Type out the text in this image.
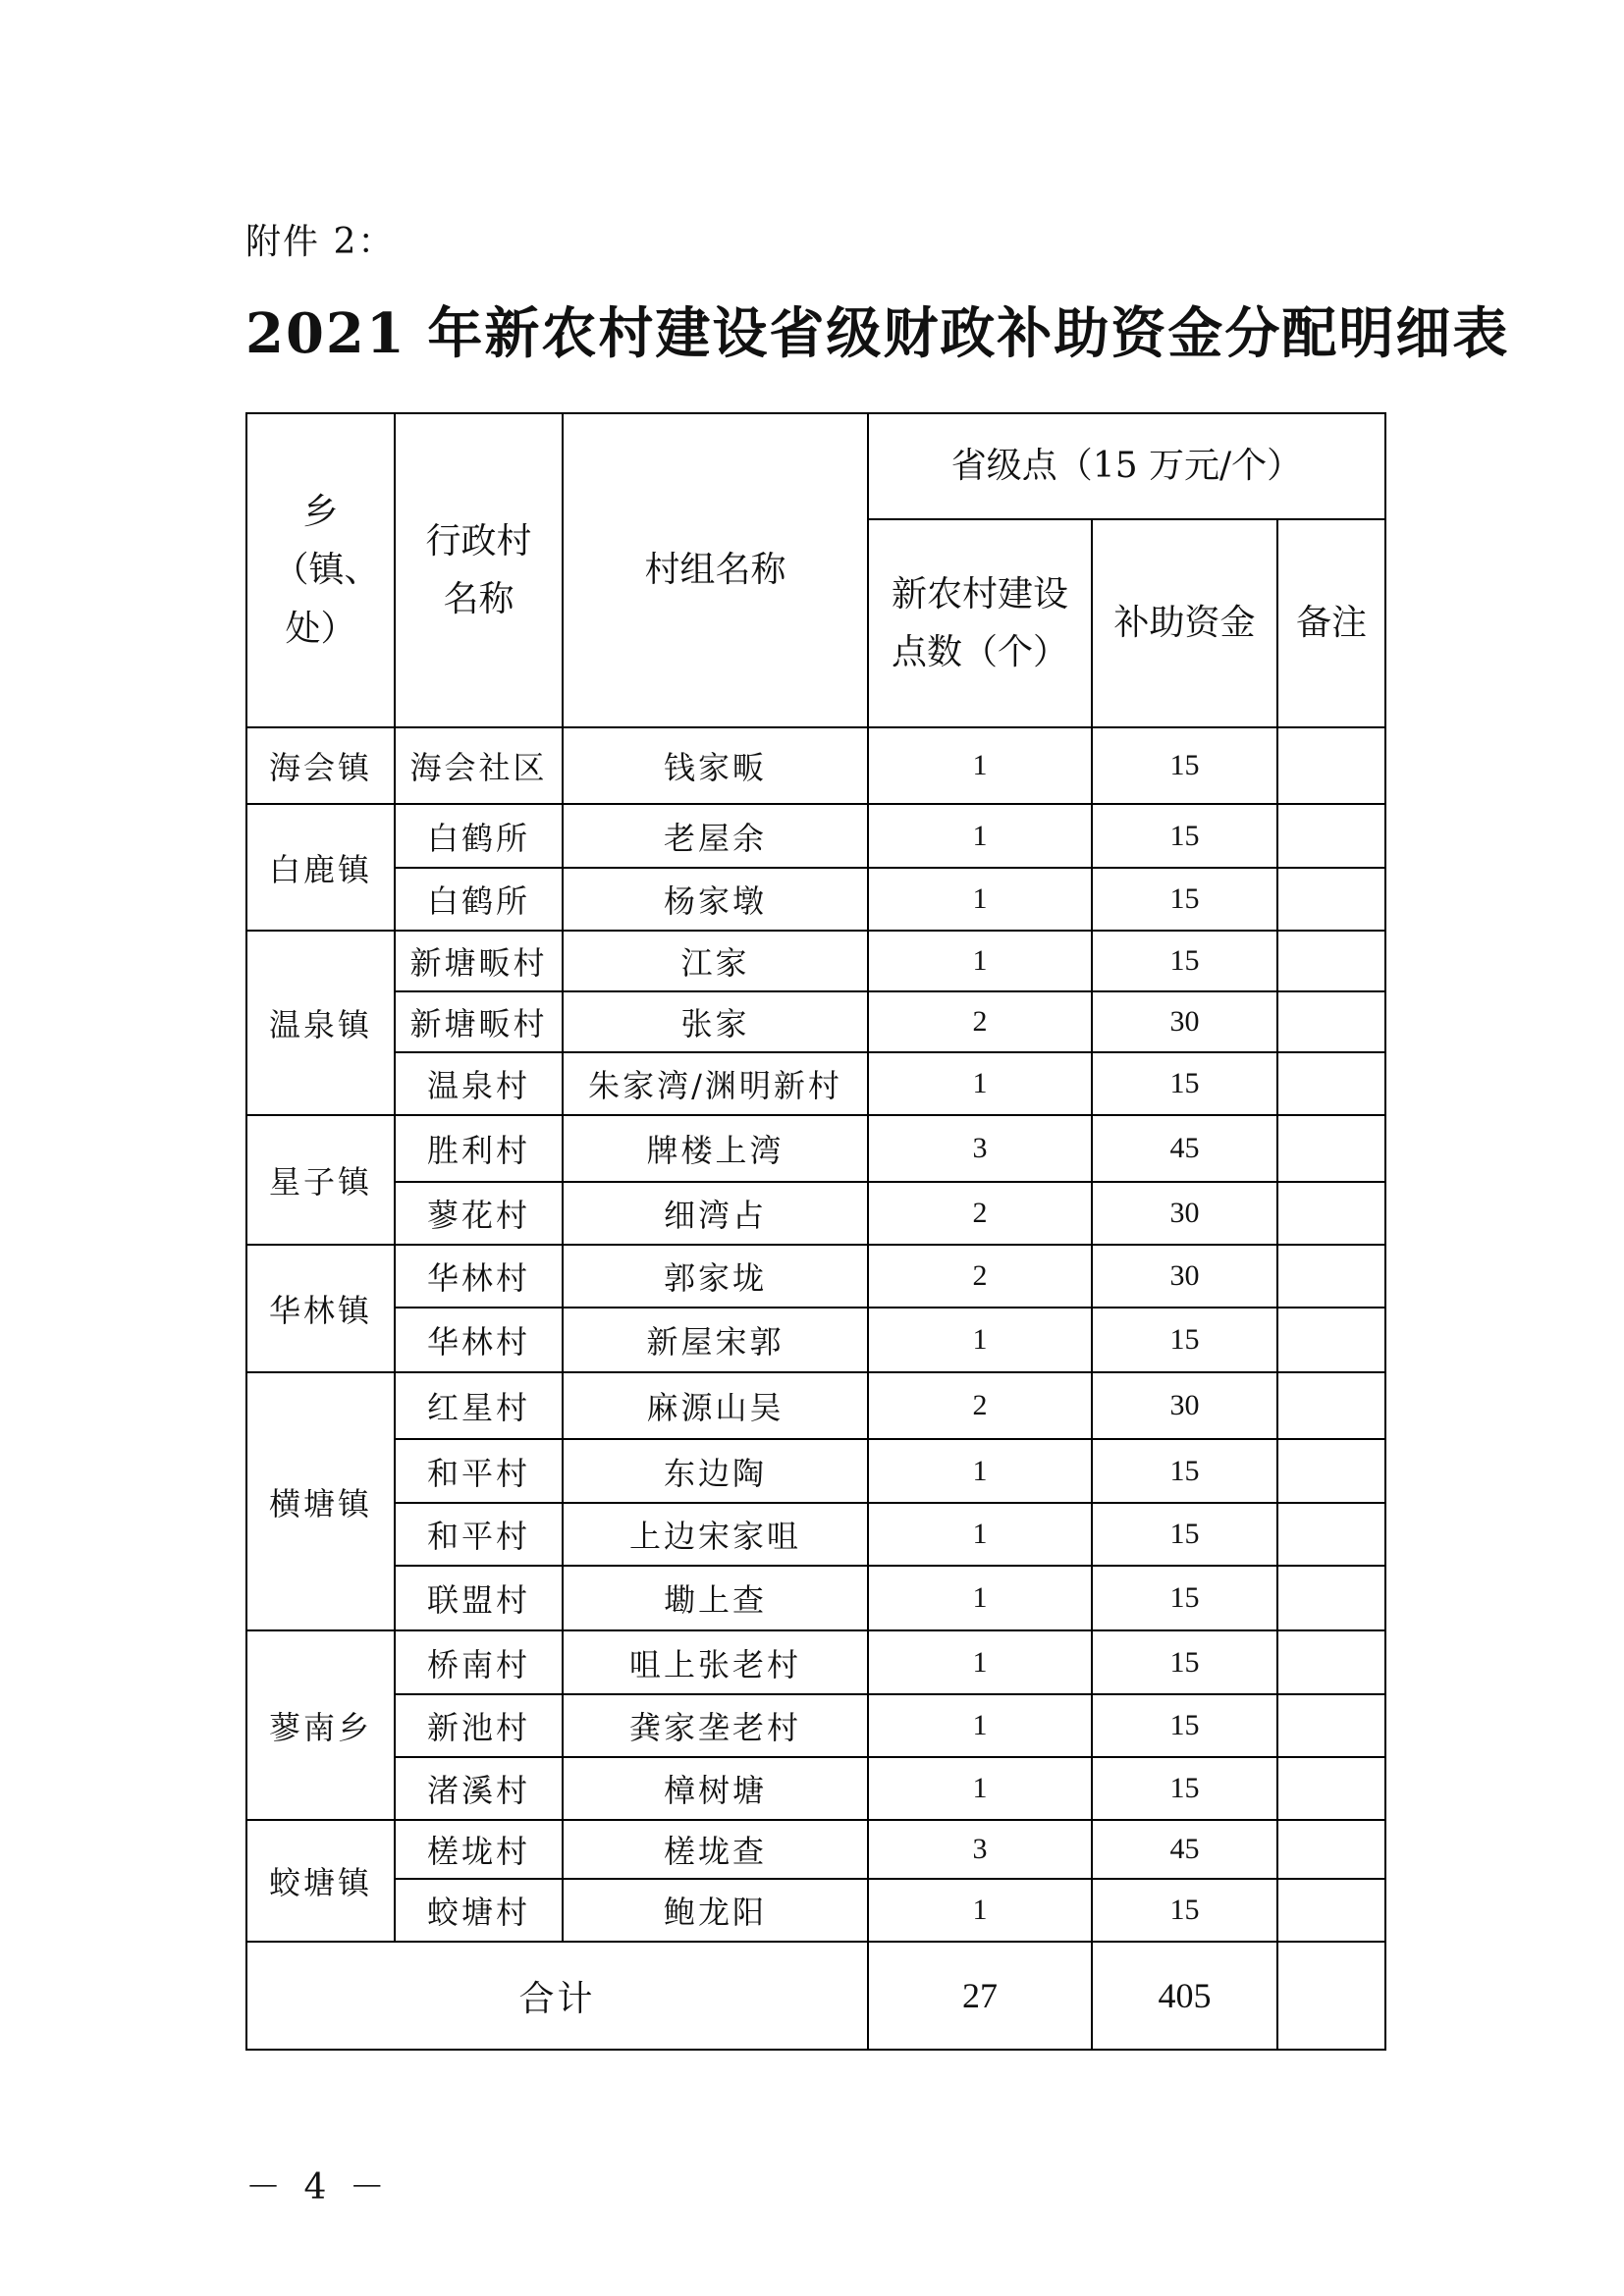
附件 2：
2021 年新农村建设省级财政补助资金分配明细表
乡（镇、处）	行政村名称	村组名称	省级点（15 万元/个）		

			新农村建设点数（个）	补助资金	备注
海会镇	海会社区	钱家畈	1	15	
白鹿镇	白鹤所	老屋余	1	15	
	白鹤所	杨家墩	1	15	
温泉镇	新塘畈村	江家	1	15	
	新塘畈村	张家	2	30	
	温泉村	朱家湾/渊明新村	1	15	
星子镇	胜利村	牌楼上湾	3	45	
	蓼花村	细湾占	2	30	
华林镇	华林村	郭家垅	2	30	
	华林村	新屋宋郭	1	15	
横塘镇	红星村	麻源山吴	2	30	
	和平村	东边陶	1	15	
	和平村	上边宋家咀	1	15	
	联盟村	墈上查	1	15	
蓼南乡	桥南村	咀上张老村	1	15	
	新池村	龚家垄老村	1	15	
	渚溪村	樟树塘	1	15	
蛟塘镇	槎垅村	槎垅查	3	45	
	蛟塘村	鲍龙阳	1	15	
合计			27	405	
－ 4 －
